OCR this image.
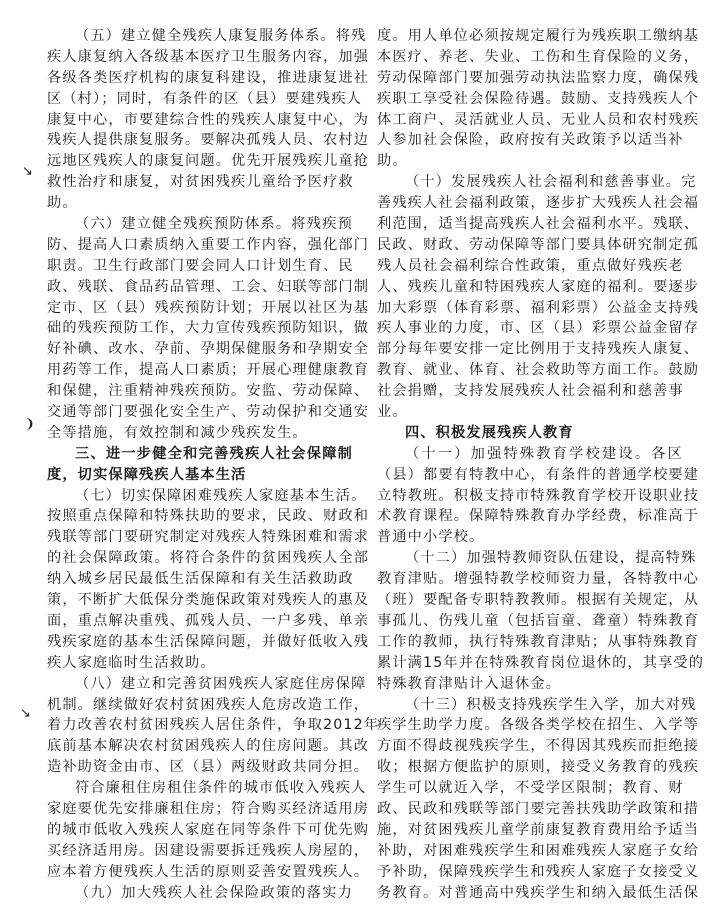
（五）建立健全残疾人康复服务体系。将残
疾人康复纳入各级基本医疗卫生服务内容，加强
各级各类医疗机构的康复科建设，推进康复进社
区（村）；同时，有条件的区（县）要建残疾人
康复中心，市要建综合性的残疾人康复中心，为
残疾人提供康复服务。要解决孤残人员、农村边
远地区残疾人的康复问题。优先开展残疾儿童抢
救性治疗和康复，对贫困残疾儿童给予医疗救
助。
（六）建立健全残疾预防体系。将残疾预
防、提高人口素质纳入重要工作内容，强化部门
职责。卫生行政部门要会同人口计划生育、民
政、残联、食品药品管理、工会、妇联等部门制
定市、区（县）残疾预防计划；开展以社区为基
础的残疾预防工作，大力宣传残疾预防知识，做
好补碘、改水、孕前、孕期保健服务和孕期安全
用药等工作，提高人口素质；开展心理健康教育
和保健，注重精神残疾预防。安监、劳动保障、
交通等部门要强化安全生产、劳动保护和交通安
全等措施，有效控制和减少残疾发生。
三、进一步健全和完善残疾人社会保障制
度，切实保障残疾人基本生活
（七）切实保障困难残疾人家庭基本生活。
按照重点保障和特殊扶助的要求，民政、财政和
残联等部门要研究制定对残疾人特殊困难和需求
的社会保障政策。将符合条件的贫困残疾人全部
纳入城乡居民最低生活保障和有关生活救助政
策，不断扩大低保分类施保政策对残疾人的惠及
面，重点解决重残、孤残人员、一户多残、单亲
残疾家庭的基本生活保障问题，并做好低收入残
疾人家庭临时生活救助。
（八）建立和完善贫困残疾人家庭住房保障
机制。继续做好农村贫困残疾人危房改造工作，
着力改善农村贫困残疾人居住条件，争取2012年
底前基本解决农村贫困残疾人的住房问题。其改
造补助资金由市、区（县）两级财政共同分担。
符合廉租住房租住条件的城市低收入残疾人
家庭要优先安排廉租住房；符合购买经济适用房
的城市低收入残疾人家庭在同等条件下可优先购
买经济适用房。因建设需要拆迁残疾人房屋的，
应本着方便残疾人生活的原则妥善安置残疾人。
（九）加大残疾人社会保险政策的落实力
度。用人单位必须按规定履行为残疾职工缴纳基
本医疗、养老、失业、工伤和生育保险的义务，
劳动保障部门要加强劳动执法监察力度，确保残
疾职工享受社会保险待遇。鼓励、支持残疾人个
体工商户、灵活就业人员、无业人员和农村残疾
人参加社会保险，政府按有关政策予以适当补
助。
（十）发展残疾人社会福利和慈善事业。完
善残疾人社会福利政策，逐步扩大残疾人社会福
利范围，适当提高残疾人社会福利水平。残联、
民政、财政、劳动保障等部门要具体研究制定孤
残人员社会福利综合性政策，重点做好残疾老
人、残疾儿童和特困残疾人家庭的福利。要逐步
加大彩票（体育彩票、福利彩票）公益金支持残
疾人事业的力度，市、区（县）彩票公益金留存
部分每年要安排一定比例用于支持残疾人康复、
教育、就业、体育、社会救助等方面工作。鼓励
社会捐赠，支持发展残疾人社会福利和慈善事
业。
四、积极发展残疾人教育
（十一）加强特殊教育学校建设。各区
（县）都要有特教中心，有条件的普通学校要建
立特教班。积极支持市特殊教育学校开设职业技
术教育课程。保障特殊教育办学经费，标准高于
普通中小学校。
（十二）加强特教师资队伍建设，提高特殊
教育津贴。增强特教学校师资力量，各特教中心
（班）要配备专职特教教师。根据有关规定，从
事孤儿、伤残儿童（包括盲童、聋童）特殊教育
工作的教师，执行特殊教育津贴；从事特殊教育
累计满15年并在特殊教育岗位退休的，其享受的
特殊教育津贴计入退休金。
（十三）积极支持残疾学生入学，加大对残
疾学生助学力度。各级各类学校在招生、入学等
方面不得歧视残疾学生，不得因其残疾而拒绝接
收；根据方便监护的原则，接受义务教育的残疾
学生可以就近入学，不受学区限制；教育、财
政、民政和残联等部门要完善扶残助学政策和措
施，对贫困残疾儿童学前康复教育费用给予适当
补助，对困难残疾学生和困难残疾人家庭子女给
予补助，保障残疾学生和残疾人家庭子女接受义
务教育。对普通高中残疾学生和纳入最低生活保
↘
❩
↘
